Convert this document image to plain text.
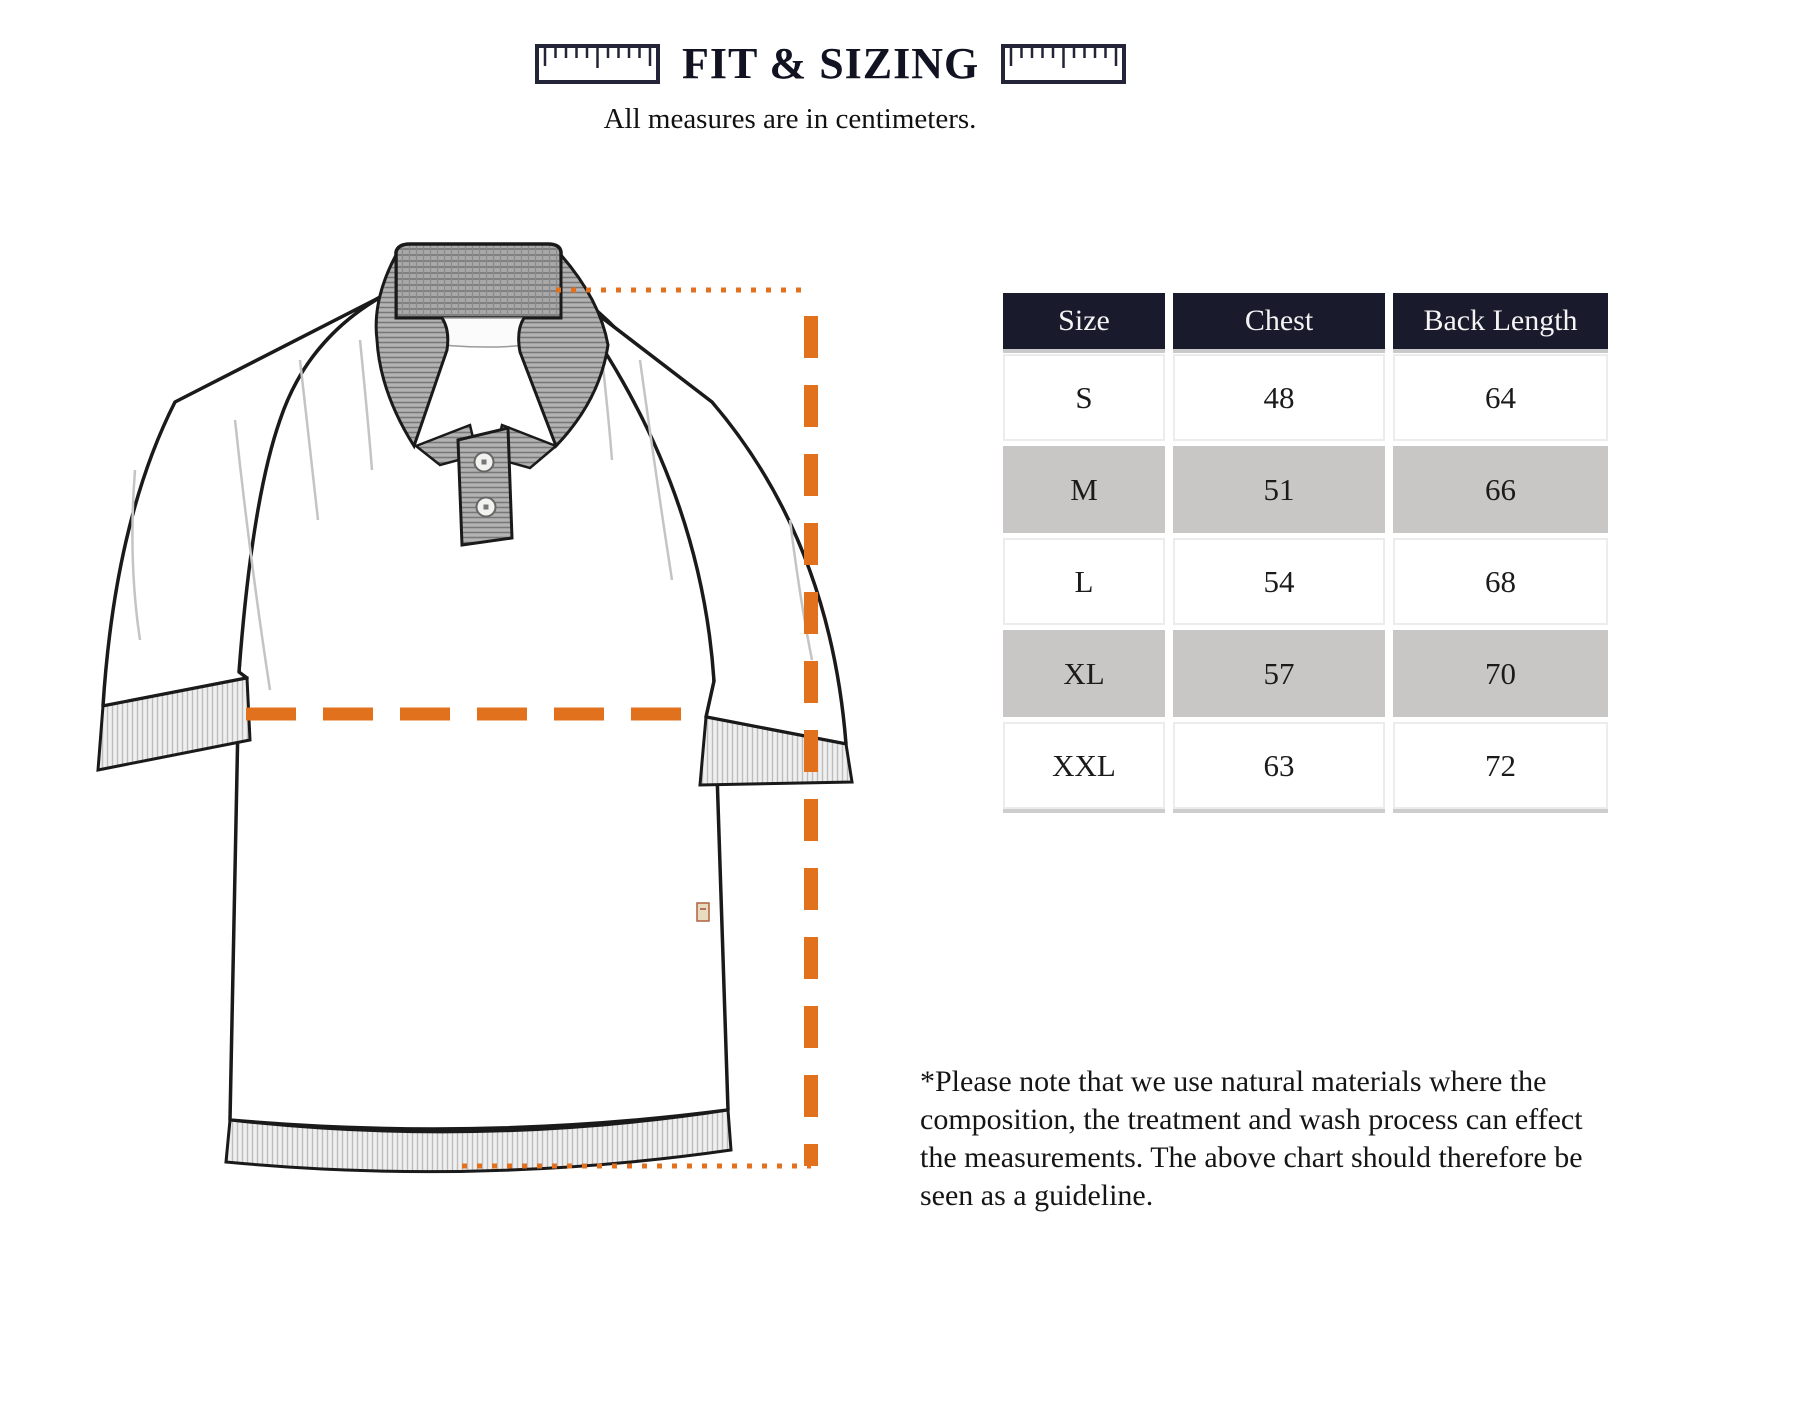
FIT & SIZING
All measures are in centimeters.
Size	Chest	Back Length
S	48	64
M	51	66
L	54	68
XL	57	70
XXL	63	72
*Please note that we use natural materials where the
composition, the treatment and wash process can effect
the measurements. The above chart should therefore be
seen as a guideline.
